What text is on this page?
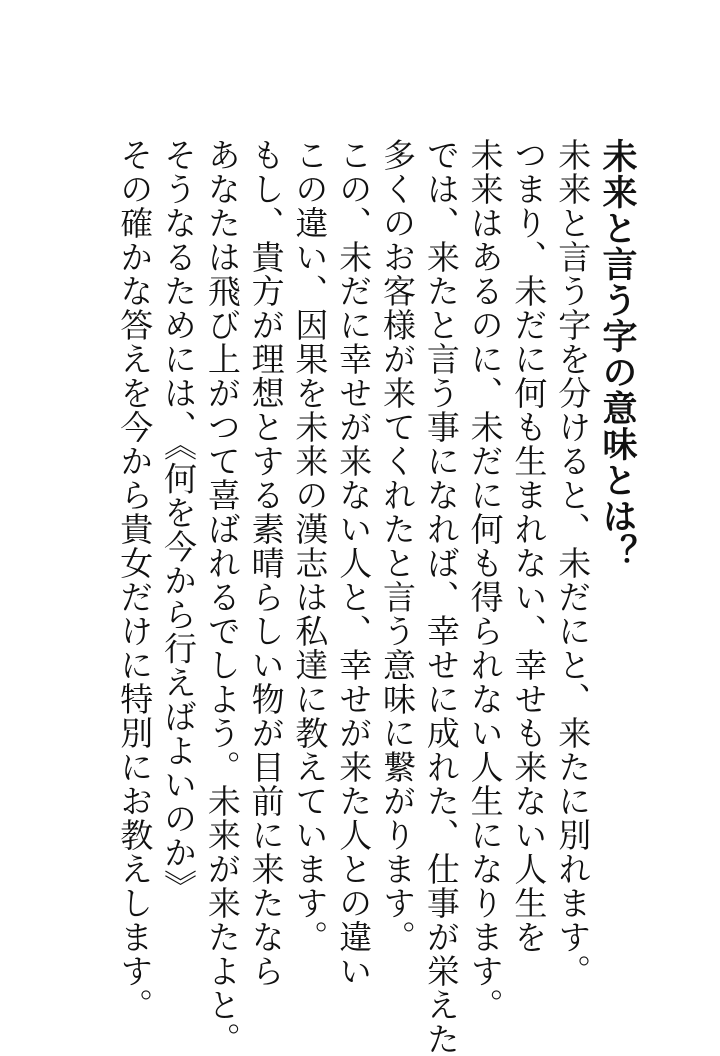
未来と言う字の意味とは？
未来と言う字を分けると、未だにと、来たに別れます。
つまり、未だに何も生まれない、幸せも来ない人生を
未来はあるのに、未だに何も得られない人生になります。
では、来たと言う事になれば、幸せに成れた、仕事が栄えた
多くのお客様が来てくれたと言う意味に繋がります。
この、未だに幸せが来ない人と、幸せが来た人との違い
この違い、因果を未来の漢志は私達に教えています。
もし、貴方が理想とする素晴らしい物が目前に来たなら
あなたは飛び上がつて喜ばれるでしよう。未来が来たよと。
そうなるためには、《何を今から行えばよいのか》
その確かな答えを今から貴女だけに特別にお教えします。
